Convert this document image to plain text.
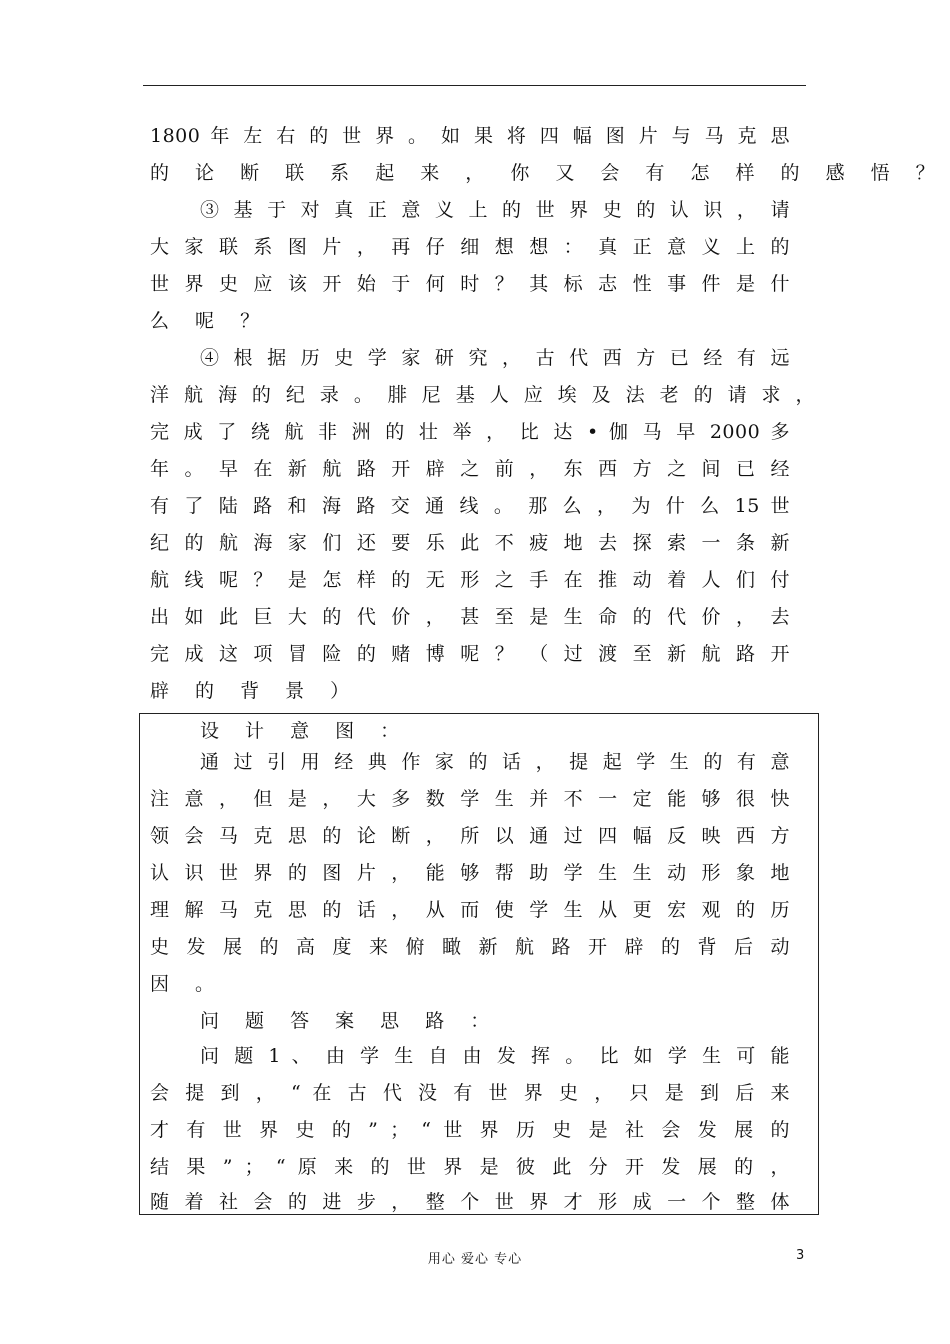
1800 年 左 右 的 世 界 。 如 果 将 四 幅 图 片 与 马 克 思
的 论 断 联 系 起 来 ， 你 又 会 有 怎 样 的 感 悟 ？
③ 基 于 对 真 正 意 义 上 的 世 界 史 的 认 识 ， 请
大 家 联 系 图 片 ， 再 仔 细 想 想 ： 真 正 意 义 上 的
世 界 史 应 该 开 始 于 何 时 ？ 其 标 志 性 事 件 是 什
么 呢 ？
④ 根 据 历 史 学 家 研 究 ， 古 代 西 方 已 经 有 远
洋 航 海 的 纪 录 。 腓 尼 基 人 应 埃 及 法 老 的 请 求 ，
完 成 了 绕 航 非 洲 的 壮 举 ， 比 达 • 伽 马 早 2000 多
年 。 早 在 新 航 路 开 辟 之 前 ， 东 西 方 之 间 已 经
有 了 陆 路 和 海 路 交 通 线 。 那 么 ， 为 什 么 15 世
纪 的 航 海 家 们 还 要 乐 此 不 疲 地 去 探 索 一 条 新
航 线 呢 ？ 是 怎 样 的 无 形 之 手 在 推 动 着 人 们 付
出 如 此 巨 大 的 代 价 ， 甚 至 是 生 命 的 代 价 ， 去
完 成 这 项 冒 险 的 赌 博 呢 ？ （ 过 渡 至 新 航 路 开
辟 的 背 景 ）
设 计 意 图 ：
通 过 引 用 经 典 作 家 的 话 ， 提 起 学 生 的 有 意
注 意 ， 但 是 ， 大 多 数 学 生 并 不 一 定 能 够 很 快
领 会 马 克 思 的 论 断 ， 所 以 通 过 四 幅 反 映 西 方
认 识 世 界 的 图 片 ， 能 够 帮 助 学 生 生 动 形 象 地
理 解 马 克 思 的 话 ， 从 而 使 学 生 从 更 宏 观 的 历
史 发 展 的 高 度 来 俯 瞰 新 航 路 开 辟 的 背 后 动
因 。
问 题 答 案 思 路 ：
问 题 1 、 由 学 生 自 由 发 挥 。 比 如 学 生 可 能
会 提 到 ， “ 在 古 代 没 有 世 界 史 ， 只 是 到 后 来
才 有 世 界 史 的 ” ； “ 世 界 历 史 是 社 会 发 展 的
结 果 ” ； “ 原 来 的 世 界 是 彼 此 分 开 发 展 的 ，
随 着 社 会 的 进 步 ， 整 个 世 界 才 形 成 一 个 整 体
用心 爱心 专心	3
